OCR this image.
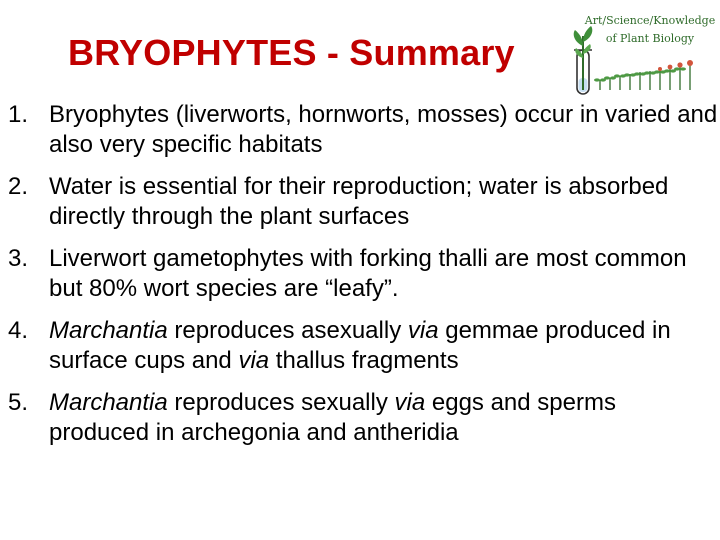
BRYOPHYTES - Summary
Art/Science/Knowledge
of Plant Biology
1. Bryophytes (liverworts, hornworts, mosses) occur in varied and also very specific habitats
2. Water is essential for their reproduction; water is absorbed directly through the plant surfaces
3. Liverwort gametophytes with forking thalli are most common but 80% wort species are “leafy”.
4. Marchantia reproduces asexually via gemmae produced in surface cups and via thallus fragments
5. Marchantia reproduces sexually via eggs and sperms produced in archegonia and antheridia
